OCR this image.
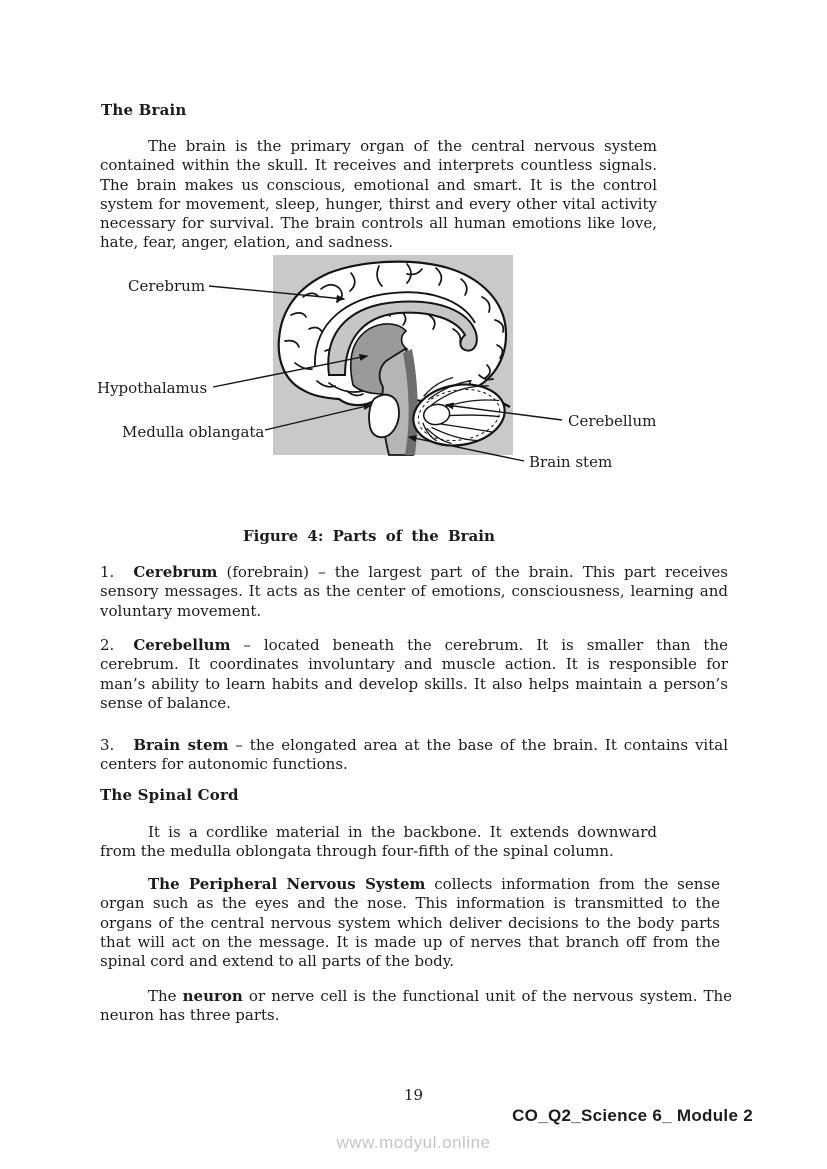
The Brain

The brain is the primary organ of the central nervous system contained within the skull. It receives and interprets countless signals. The brain makes us conscious, emotional and smart. It is the control system for movement, sleep, hunger, thirst and every other vital activity necessary for survival. The brain controls all human emotions like love, hate, fear, anger, elation, and sadness.

Cerebrum
Hypothalamus
Medulla oblangata
Cerebellum
Brain stem
Figure 4: Parts of the Brain

1. Cerebrum (forebrain) – the largest part of the brain. This part receives sensory messages. It acts as the center of emotions, consciousness, learning and voluntary movement.

2. Cerebellum – located beneath the cerebrum. It is smaller than the cerebrum. It coordinates involuntary and muscle action. It is responsible for man’s ability to learn habits and develop skills. It also helps maintain a person’s sense of balance.

3. Brain stem – the elongated area at the base of the brain. It contains vital centers for autonomic functions.

The Spinal Cord

It is a cordlike material in the backbone. It extends downward from the medulla oblongata through four-fifth of the spinal column.

The Peripheral Nervous System collects information from the sense organ such as the eyes and the nose. This information is transmitted to the organs of the central nervous system which deliver decisions to the body parts that will act on the message. It is made up of nerves that branch off from the spinal cord and extend to all parts of the body.

The neuron or nerve cell is the functional unit of the nervous system. The neuron has three parts.

19
CO_Q2_Science 6_ Module 2
www.modyul.online
